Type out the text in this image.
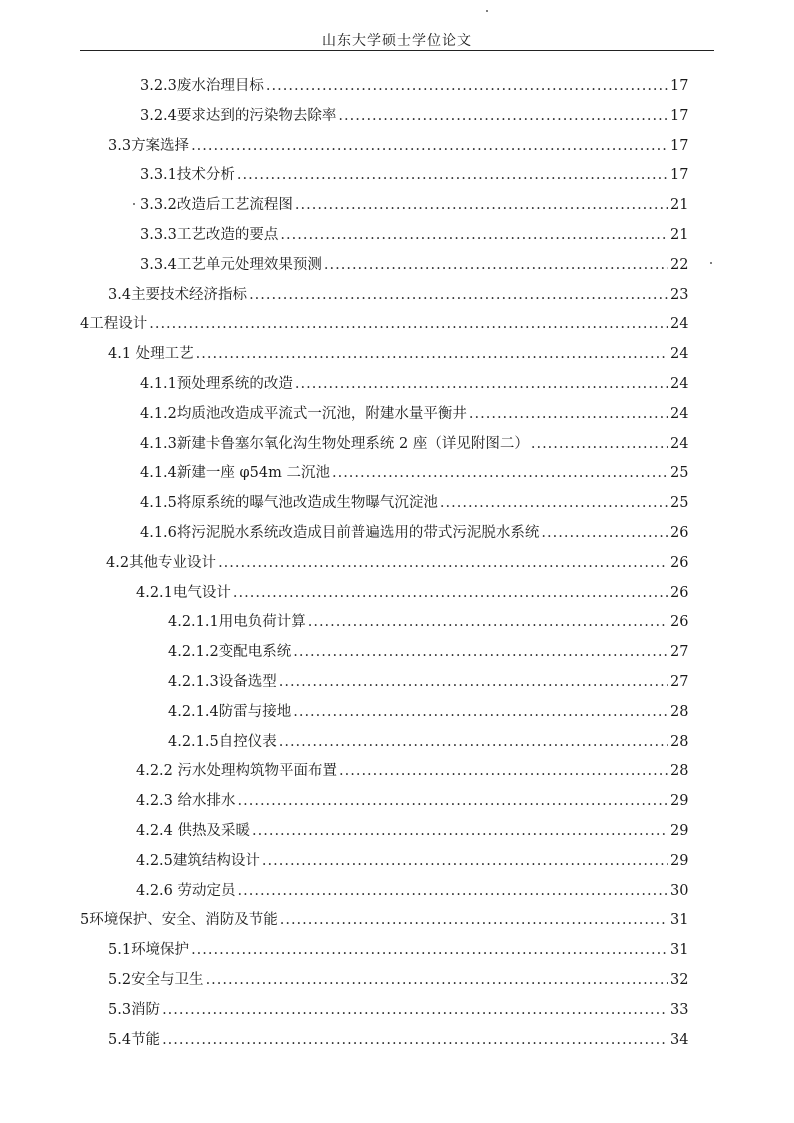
山东大学硕士学位论文
3.2.3 废水治理目标 .....	17
3.2.4 要求达到的污染物去除率 .....	17
3.3 方案选择 .....	17
3.3.1 技术分析 .....	17
3.3.2 改造后工艺流程图 .....	21
3.3.3 工艺改造的要点 .....	21
3.3.4 工艺单元处理效果预测 .....	22
3.4 主要技术经济指标 .....	23
4 工程设计 .....	24
4.1 处理工艺 .....	24
4.1.1 预处理系统的改造 .....	24
4.1.2 均质池改造成平流式一沉池，附建水量平衡井 .....	24
4.1.3 新建卡鲁塞尔氧化沟生物处理系统 2 座（详见附图二） .....	24
4.1.4 新建一座 φ54m 二沉池 .....	25
4.1.5 将原系统的曝气池改造成生物曝气沉淀池 .....	25
4.1.6 将污泥脱水系统改造成目前普遍选用的带式污泥脱水系统 .....	26
4.2 其他专业设计 .....	26
4.2.1 电气设计 .....	26
4.2.1.1 用电负荷计算 .....	26
4.2.1.2 变配电系统 .....	27
4.2.1.3 设备选型 .....	27
4.2.1.4 防雷与接地 .....	28
4.2.1.5 自控仪表 .....	28
4.2.2 污水处理构筑物平面布置 .....	28
4.2.3 给水排水 .....	29
4.2.4 供热及采暖 .....	29
4.2.5 建筑结构设计 .....	29
4.2.6 劳动定员 .....	30
5 环境保护、安全、消防及节能 .....	31
5.1 环境保护 .....	31
5.2 安全与卫生 .....	32
5.3 消防 .....	33
5.4 节能 .....	34
